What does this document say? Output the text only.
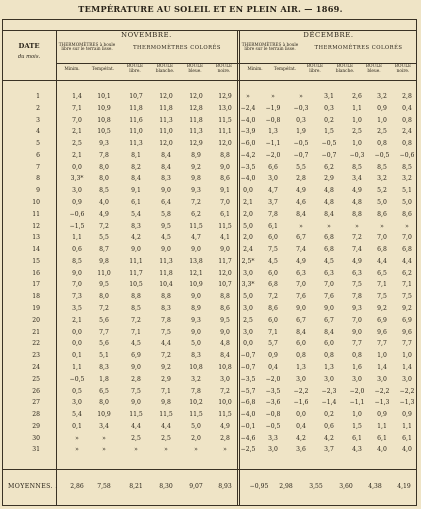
TEMPÉRATURE AU SOLEIL ET EN PLEIN AIR. — 1869.
DATE
du mois.
NOVEMBRE.	DÉCEMBRE.
THERMOMÈTRES à boule libre sur le terrain lisse.	THERMOMÈTRES COLORÉS
THERMOMÈTRES à boule libre sur le terrain lisse.	THERMOMÈTRES COLORÉS
Minim.	Tempéṙat.
BOULE libre.
BOULE blanche.
BOULE bleue.
BOULE noire.	Minim.	Tempéṙat.
BOULE libre.
BOULE blanche.
BOULE bleue.
BOULE noire.
1	1,4	10,1	10,7	12,0	12,0	12,9	»	»	»	3,1	2,6	3,2	2,8
2	7,1	10,9	11,8	11,8	12,8	13,0	−2,4	−1,9	−0,3	0,3	1,1	0,9	0,4
3	7,0	10,8	11,6	11,3	11,8	11,5	−4,0	−0,8	0,3	0,2	1,0	1,0	0,8
4	2,1	10,5	11,0	11,0	11,3	11,1	−3,9	1,3	1,9	1,5	2,5	2,5	2,4
5	2,5	9,3	11,3	12,0	12,9	12,0	−6,0	−1,1	−0,5	−0,5	1,0	0,8	0,8
6	2,1	7,8	8,1	8,4	8,9	8,8	−4,2	−2,0	−0,7	−0,7	−0,3	−0,5	−0,6
7	0,0	8,0	8,2	8,4	9,2	9,0	−3,5	6,6	5,5	6,2	8,5	8,5	8,5
8	3,3*	8,0	8,4	8,3	9,8	8,6	−4,0	3,0	2,8	2,9	3,4	3,2	3,2
9	3,0	8,5	9,1	9,0	9,3	9,1	0,0	4,7	4,9	4,8	4,9	5,2	5,1
10	0,9	4,0	6,1	6,4	7,2	7,0	2,1	3,7	4,6	4,8	4,8	5,0	5,0
11	−0,6	4,9	5,4	5,8	6,2	6,1	2,0	7,8	8,4	8,4	8,8	8,6	8,6
12	−1,5	7,2	8,3	9,5	11,5	11,5	5,0	6,1	»	»	»	»	»
13	1,1	5,5	4,2	4,5	4,7	4,1	2,0	6,0	6,7	6,8	7,2	7,0	7,0
14	0,6	8,7	9,0	9,0	9,0	9,0	2,4	7,5	7,4	6,8	7,4	6,8	6,8
15	8,5	9,8	11,1	11,3	13,8	11,7	2,5*	4,5	4,9	4,5	4,9	4,4	4,4
16	9,0	11,0	11,7	11,8	12,1	12,0	3,0	6,0	6,3	6,3	6,3	6,5	6,2
17	7,0	9,5	10,5	10,4	10,9	10,7	3,3*	6,8	7,0	7,0	7,5	7,1	7,1
18	7,3	8,0	8,8	8,8	9,0	8,8	5,0	7,2	7,6	7,6	7,8	7,5	7,5
19	3,5	7,2	8,5	8,3	8,9	8,6	3,0	8,6	9,0	9,0	9,3	9,2	9,2
20	2,1	5,6	7,2	7,8	9,3	9,5	2,5	6,0	6,7	6,7	7,0	6,9	6,9
21	0,0	7,7	7,1	7,5	9,0	9,0	3,0	7,1	8,4	8,4	9,0	9,6	9,6
22	0,0	5,6	4,5	4,4	5,0	4,8	0,0	5,7	6,0	6,0	7,7	7,7	7,7
23	0,1	5,1	6,9	7,2	8,3	8,4	−0,7	0,9	0,8	0,8	0,8	1,0	1,0
24	1,1	8,3	9,0	9,2	10,8	10,8	−0,7	0,4	1,3	1,3	1,6	1,4	1,4
25	−0,5	1,8	2,8	2,9	3,2	3,0	−3,5	−2,0	3,0	3,0	3,0	3,0	3,0
26	0,5	6,5	7,5	7,1	7,8	7,2	−5,7	−3,5	−2,2	−2,3	−2,0	−2,2	−2,2
27	3,0	8,0	9,0	9,8	10,2	10,0	−6,8	−3,6	−1,6	−1,4	−1,1	−1,3	−1,3
28	5,4	10,9	11,5	11,5	11,5	11,5	−4,0	−0,8	0,0	0,2	1,0	0,9	0,9
29	0,1	3,4	4,4	4,4	5,0	4,9	−0,1	−0,5	0,4	0,6	1,5	1,1	1,1
30	»	»	2,5	2,5	2,0	2,8	−4,6	3,3	4,2	4,2	6,1	6,1	6,1
31	»	»	»	»	»	»	−2,5	3,0	3,6	3,7	4,3	4,0	4,0
MOYENNES. .	2,86	7,58	8,21	8,30	9,07	8,93	−0,95	2,98	3,55	3,60	4,38	4,19
